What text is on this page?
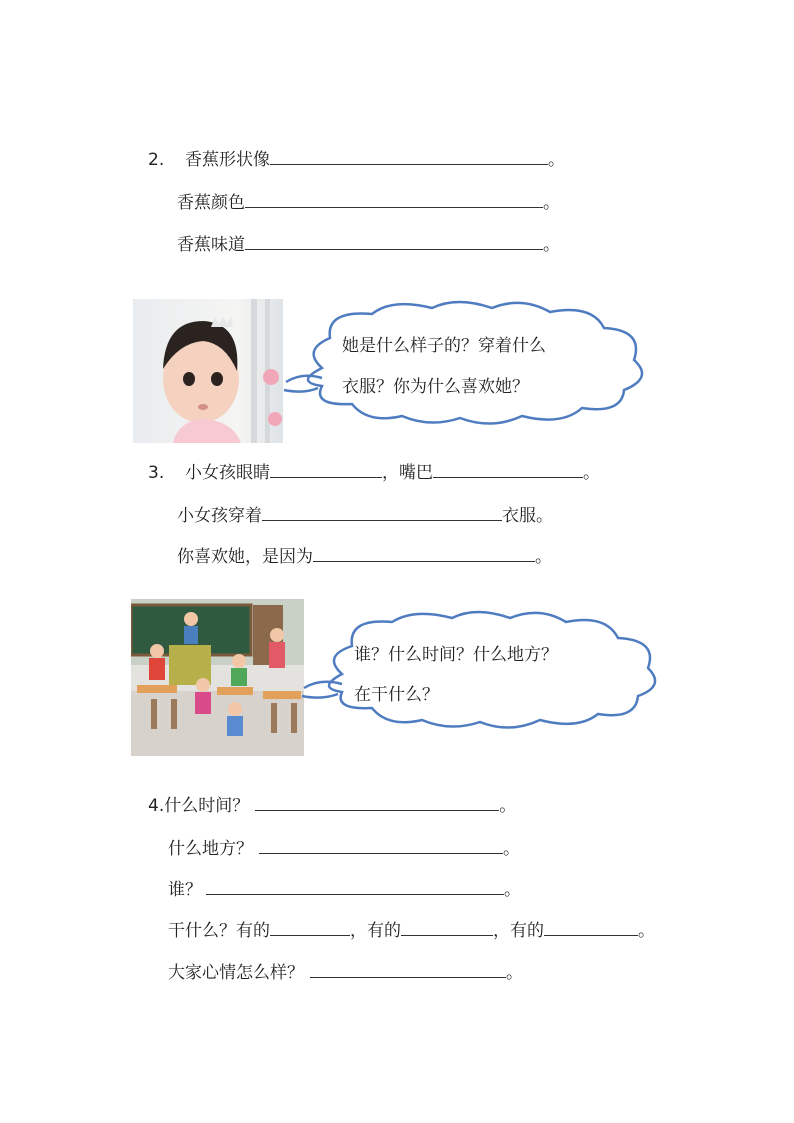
2. 香蕉形状像	。
香蕉颜色	。
香蕉味道	。
她是什么样子的？穿着什么
衣服？你为什么喜欢她？
3. 小女孩眼睛	，嘴巴	。
小女孩穿着	衣服。
你喜欢她，是因为	。
谁？什么时间？什么地方？
在干什么？
4.什么时间？	。
什么地方？	。
谁？	。
干什么？有的	，有的	，有的	。
大家心情怎么样？	。
